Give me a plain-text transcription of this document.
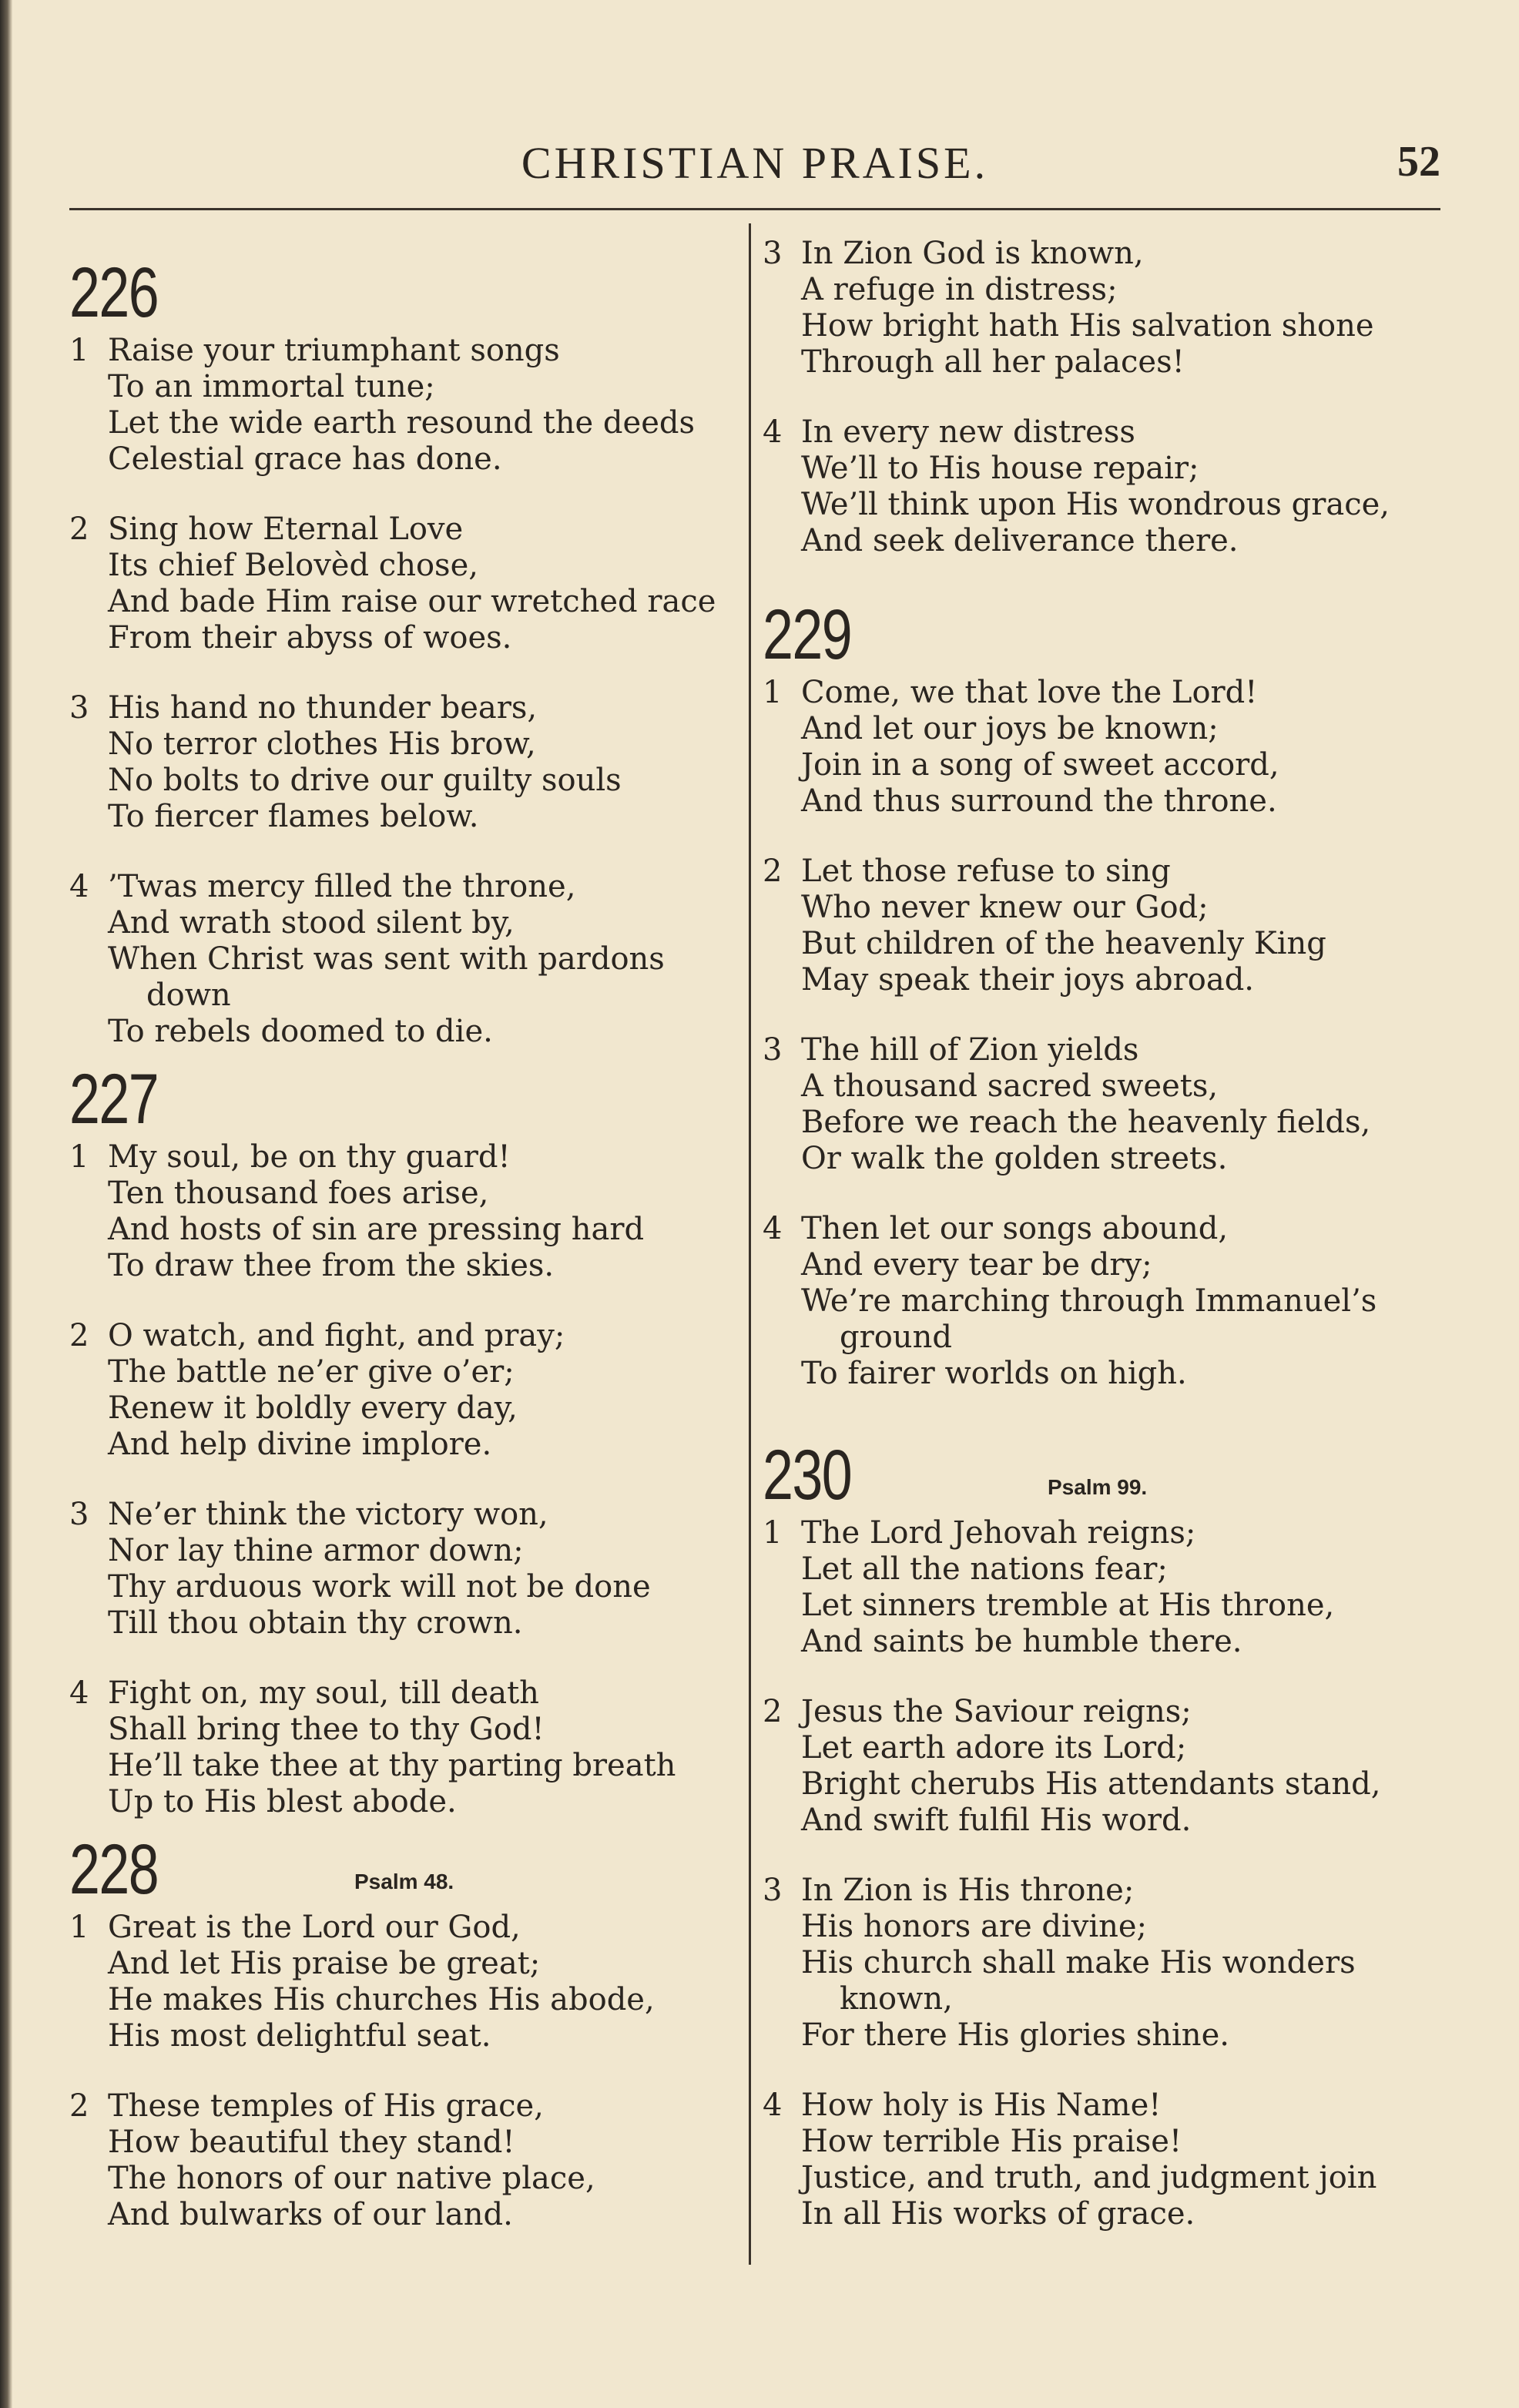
CHRISTIAN PRAISE.	52
226
1 Raise your triumphant songs
To an immortal tune;
Let the wide earth resound the deeds
Celestial grace has done.
2 Sing how Eternal Love
Its chief Belovèd chose,
And bade Him raise our wretched race
From their abyss of woes.
3 His hand no thunder bears,
No terror clothes His brow,
No bolts to drive our guilty souls
To fiercer flames below.
4 ’Twas mercy filled the throne,
And wrath stood silent by,
When Christ was sent with pardons
down
To rebels doomed to die.
227
1 My soul, be on thy guard!
Ten thousand foes arise,
And hosts of sin are pressing hard
To draw thee from the skies.
2 O watch, and fight, and pray;
The battle ne’er give o’er;
Renew it boldly every day,
And help divine implore.
3 Ne’er think the victory won,
Nor lay thine armor down;
Thy arduous work will not be done
Till thou obtain thy crown.
4 Fight on, my soul, till death
Shall bring thee to thy God!
He’ll take thee at thy parting breath
Up to His blest abode.
228	Psalm 48.
1 Great is the Lord our God,
And let His praise be great;
He makes His churches His abode,
His most delightful seat.
2 These temples of His grace,
How beautiful they stand!
The honors of our native place,
And bulwarks of our land.
3 In Zion God is known,
A refuge in distress;
How bright hath His salvation shone
Through all her palaces!
4 In every new distress
We’ll to His house repair;
We’ll think upon His wondrous grace,
And seek deliverance there.
229
1 Come, we that love the Lord!
And let our joys be known;
Join in a song of sweet accord,
And thus surround the throne.
2 Let those refuse to sing
Who never knew our God;
But children of the heavenly King
May speak their joys abroad.
3 The hill of Zion yields
A thousand sacred sweets,
Before we reach the heavenly fields,
Or walk the golden streets.
4 Then let our songs abound,
And every tear be dry;
We’re marching through Immanuel’s
ground
To fairer worlds on high.
230	Psalm 99.
1 The Lord Jehovah reigns;
Let all the nations fear;
Let sinners tremble at His throne,
And saints be humble there.
2 Jesus the Saviour reigns;
Let earth adore its Lord;
Bright cherubs His attendants stand,
And swift fulfil His word.
3 In Zion is His throne;
His honors are divine;
His church shall make His wonders
known,
For there His glories shine.
4 How holy is His Name!
How terrible His praise!
Justice, and truth, and judgment join
In all His works of grace.
